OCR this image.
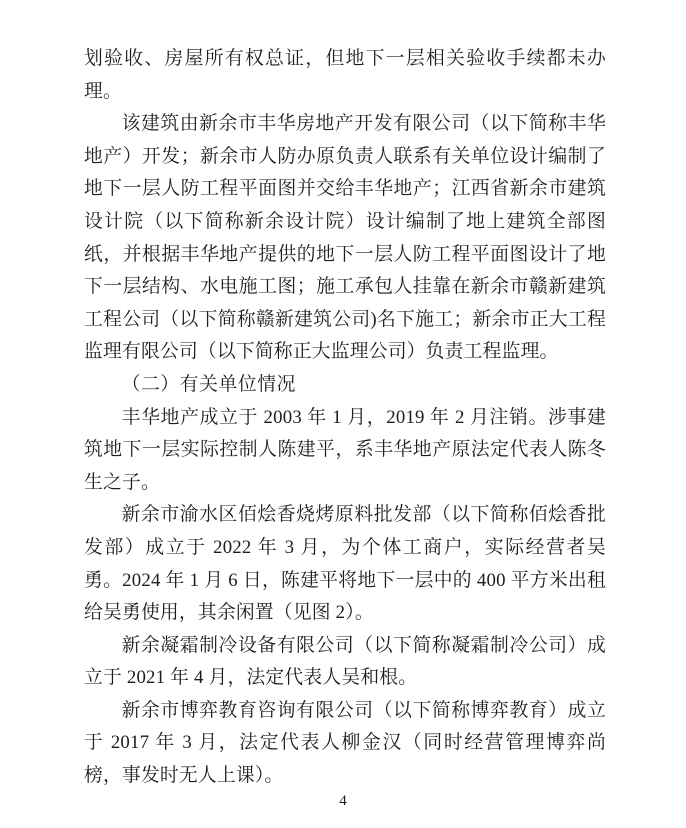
划验收、房屋所有权总证，但地下一层相关验收手续都未办理。

该建筑由新余市丰华房地产开发有限公司（以下简称丰华地产）开发；新余市人防办原负责人联系有关单位设计编制了地下一层人防工程平面图并交给丰华地产；江西省新余市建筑设计院（以下简称新余设计院）设计编制了地上建筑全部图纸，并根据丰华地产提供的地下一层人防工程平面图设计了地下一层结构、水电施工图；施工承包人挂靠在新余市赣新建筑工程公司（以下简称赣新建筑公司)名下施工；新余市正大工程监理有限公司（以下简称正大监理公司）负责工程监理。

（二）有关单位情况

丰华地产成立于 2003 年 1 月，2019 年 2 月注销。涉事建筑地下一层实际控制人陈建平，系丰华地产原法定代表人陈冬生之子。

新余市渝水区佰烩香烧烤原料批发部（以下简称佰烩香批发部）成立于 2022 年 3 月，为个体工商户，实际经营者吴勇。2024 年 1 月 6 日，陈建平将地下一层中的 400 平方米出租给吴勇使用，其余闲置（见图 2）。

新余凝霜制冷设备有限公司（以下简称凝霜制冷公司）成立于 2021 年 4 月，法定代表人吴和根。

新余市博弈教育咨询有限公司（以下简称博弈教育）成立于 2017 年 3 月，法定代表人柳金汉（同时经营管理博弈尚榜，事发时无人上课）。

4
